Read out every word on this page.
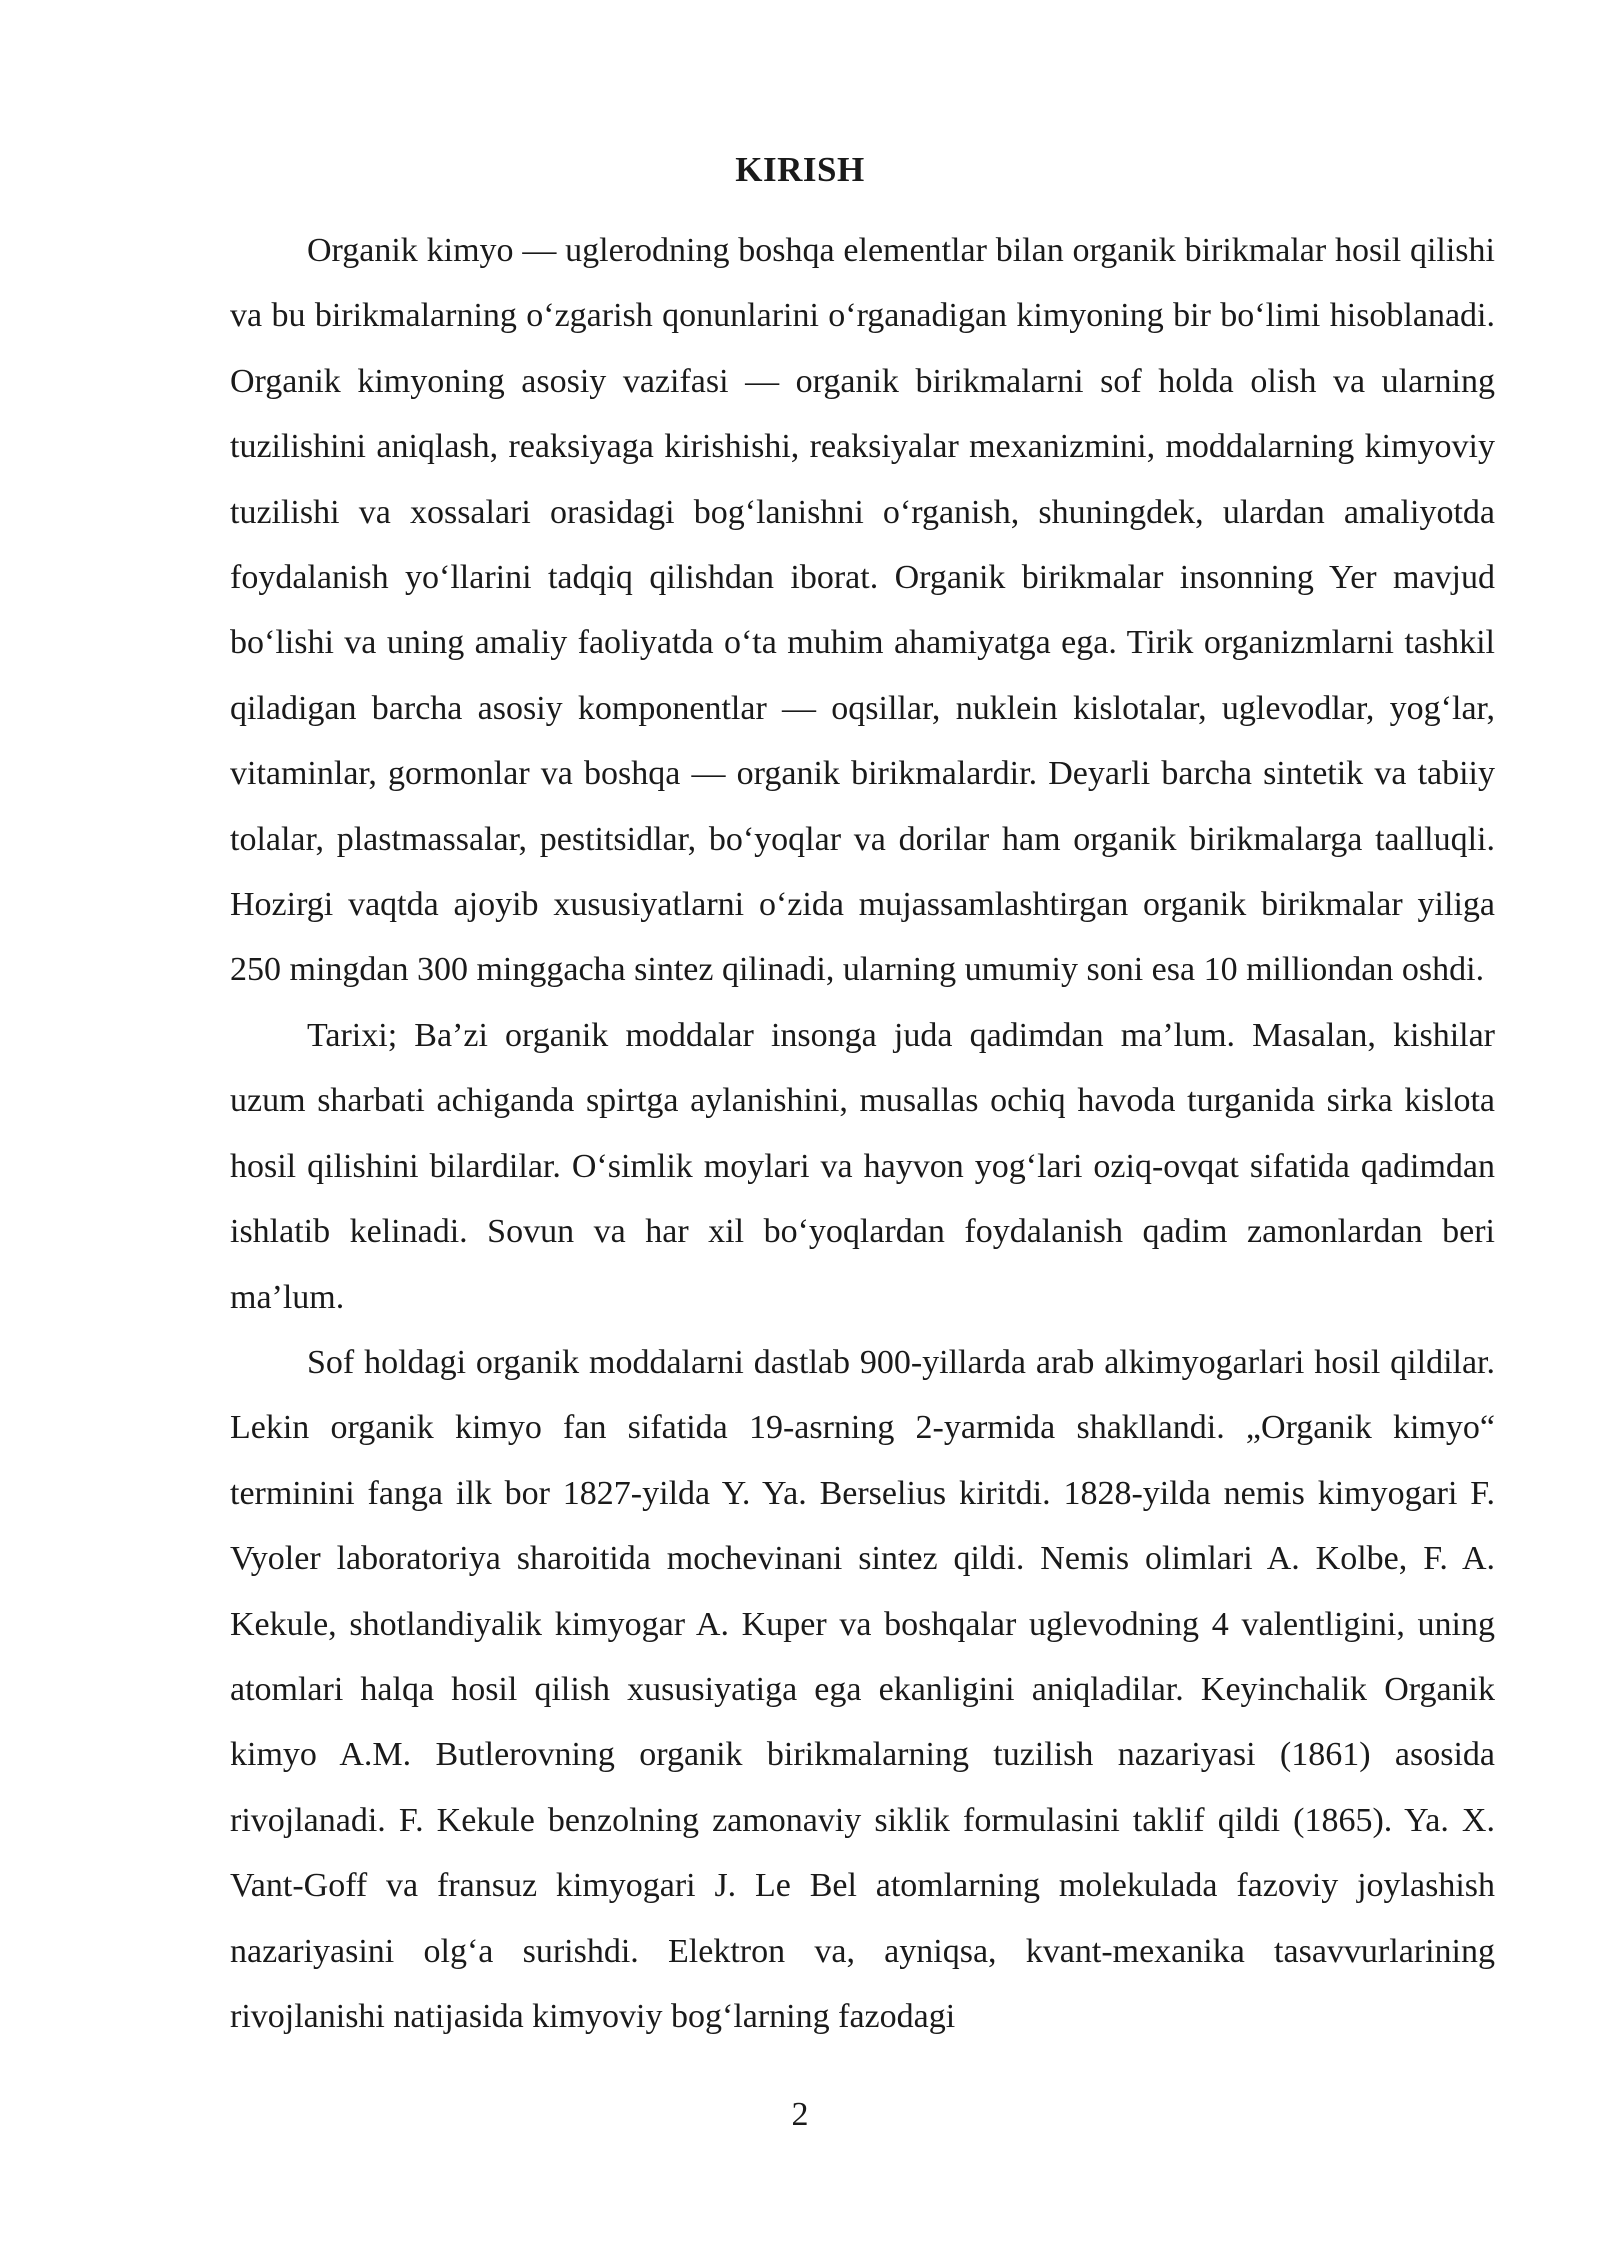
KIRISH

Organik kimyo — uglerodning boshqa elementlar bilan organik birikmalar hosil qilishi va bu birikmalarning oʻzgarish qonunlarini oʻrganadigan kimyoning bir boʻlimi hisoblanadi. Organik kimyoning asosiy vazifasi — organik birikmalarni sof holda olish va ularning tuzilishini aniqlash, reaksiyaga kirishishi, reaksiyalar mexanizmini, moddalarning kimyoviy tuzilishi va xossalari orasidagi bogʻlanishni oʻrganish, shuningdek, ulardan amaliyotda foydalanish yoʻllarini tadqiq qilishdan iborat. Organik birikmalar insonning Yer mavjud boʻlishi va uning amaliy faoliyatda oʻta muhim ahamiyatga ega. Tirik organizmlarni tashkil qiladigan barcha asosiy komponentlar — oqsillar, nuklein kislotalar, uglevodlar, yogʻlar, vitaminlar, gormonlar va boshqa — organik birikmalardir. Deyarli barcha sintetik va tabiiy tolalar, plastmassalar, pestitsidlar, boʻyoqlar va dorilar ham organik birikmalarga taalluqli. Hozirgi vaqtda ajoyib xususiyatlarni oʻzida mujassamlashtirgan organik birikmalar yiliga 250 mingdan 300 minggacha sintez qilinadi, ularning umumiy soni esa 10 milliondan oshdi.

Tarixi; Ba’zi organik moddalar insonga juda qadimdan ma’lum. Masalan, kishilar uzum sharbati achiganda spirtga aylanishini, musallas ochiq havoda turganida sirka kislota hosil qilishini bilardilar. Oʻsimlik moylari va hayvon yogʻlari oziq-ovqat sifatida qadimdan ishlatib kelinadi. Sovun va har xil boʻyoqlardan foydalanish qadim zamonlardan beri ma’lum.

Sof holdagi organik moddalarni dastlab 900-yillarda arab alkimyogarlari hosil qildilar. Lekin organik kimyo fan sifatida 19-asrning 2-yarmida shakllandi. „Organik kimyo“ terminini fanga ilk bor 1827-yilda Y. Ya. Berselius kiritdi. 1828-yilda nemis kimyogari F. Vyoler laboratoriya sharoitida mochevinani sintez qildi. Nemis olimlari A. Kolbe, F. A. Kekule, shotlandiyalik kimyogar A. Kuper va boshqalar uglevodning 4 valentligini, uning atomlari halqa hosil qilish xususiyatiga ega ekanligini aniqladilar. Keyinchalik Organik kimyo A.M. Butlerovning organik birikmalarning tuzilish nazariyasi (1861) asosida rivojlanadi. F. Kekule benzolning zamonaviy siklik formulasini taklif qildi (1865). Ya. X. Vant-Goff va fransuz kimyogari J. Le Bel atomlarning molekulada fazoviy joylashish nazariyasini olgʻa surishdi. Elektron va, ayniqsa, kvant-mexanika tasavvurlarining rivojlanishi natijasida kimyoviy bogʻlarning fazodagi

2
